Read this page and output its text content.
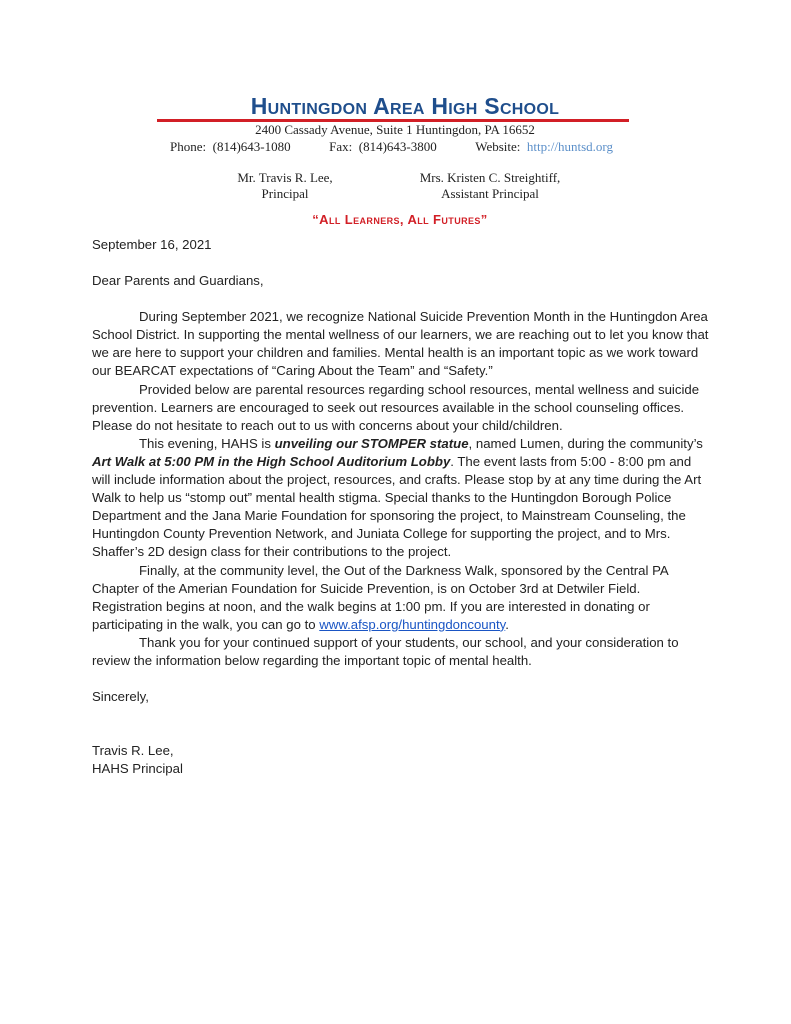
Huntingdon Area High School
2400 Cassady Avenue, Suite 1 Huntingdon, PA 16652
Phone: (814)643-1080	Fax: (814)643-3800	Website: http://huntsd.org
Mr. Travis R. Lee,
Principal
Mrs. Kristen C. Streightiff,
Assistant Principal
“All Learners, All Futures”

September 16, 2021

Dear Parents and Guardians,

During September 2021, we recognize National Suicide Prevention Month in the Huntingdon Area School District. In supporting the mental wellness of our learners, we are reaching out to let you know that we are here to support your children and families. Mental health is an important topic as we work toward our BEARCAT expectations of “Caring About the Team” and “Safety.”

Provided below are parental resources regarding school resources, mental wellness and suicide prevention. Learners are encouraged to seek out resources available in the school counseling offices. Please do not hesitate to reach out to us with concerns about your child/children.

This evening, HAHS is unveiling our STOMPER statue, named Lumen, during the community’s Art Walk at 5:00 PM in the High School Auditorium Lobby. The event lasts from 5:00 - 8:00 pm and will include information about the project, resources, and crafts. Please stop by at any time during the Art Walk to help us “stomp out” mental health stigma. Special thanks to the Huntingdon Borough Police Department and the Jana Marie Foundation for sponsoring the project, to Mainstream Counseling, the Huntingdon County Prevention Network, and Juniata College for supporting the project, and to Mrs. Shaffer’s 2D design class for their contributions to the project.

Finally, at the community level, the Out of the Darkness Walk, sponsored by the Central PA Chapter of the Amerian Foundation for Suicide Prevention, is on October 3rd at Detwiler Field. Registration begins at noon, and the walk begins at 1:00 pm. If you are interested in donating or participating in the walk, you can go to www.afsp.org/huntingdoncounty.

Thank you for your continued support of your students, our school, and your consideration to review the information below regarding the important topic of mental health.

Sincerely,

Travis R. Lee,

HAHS Principal
